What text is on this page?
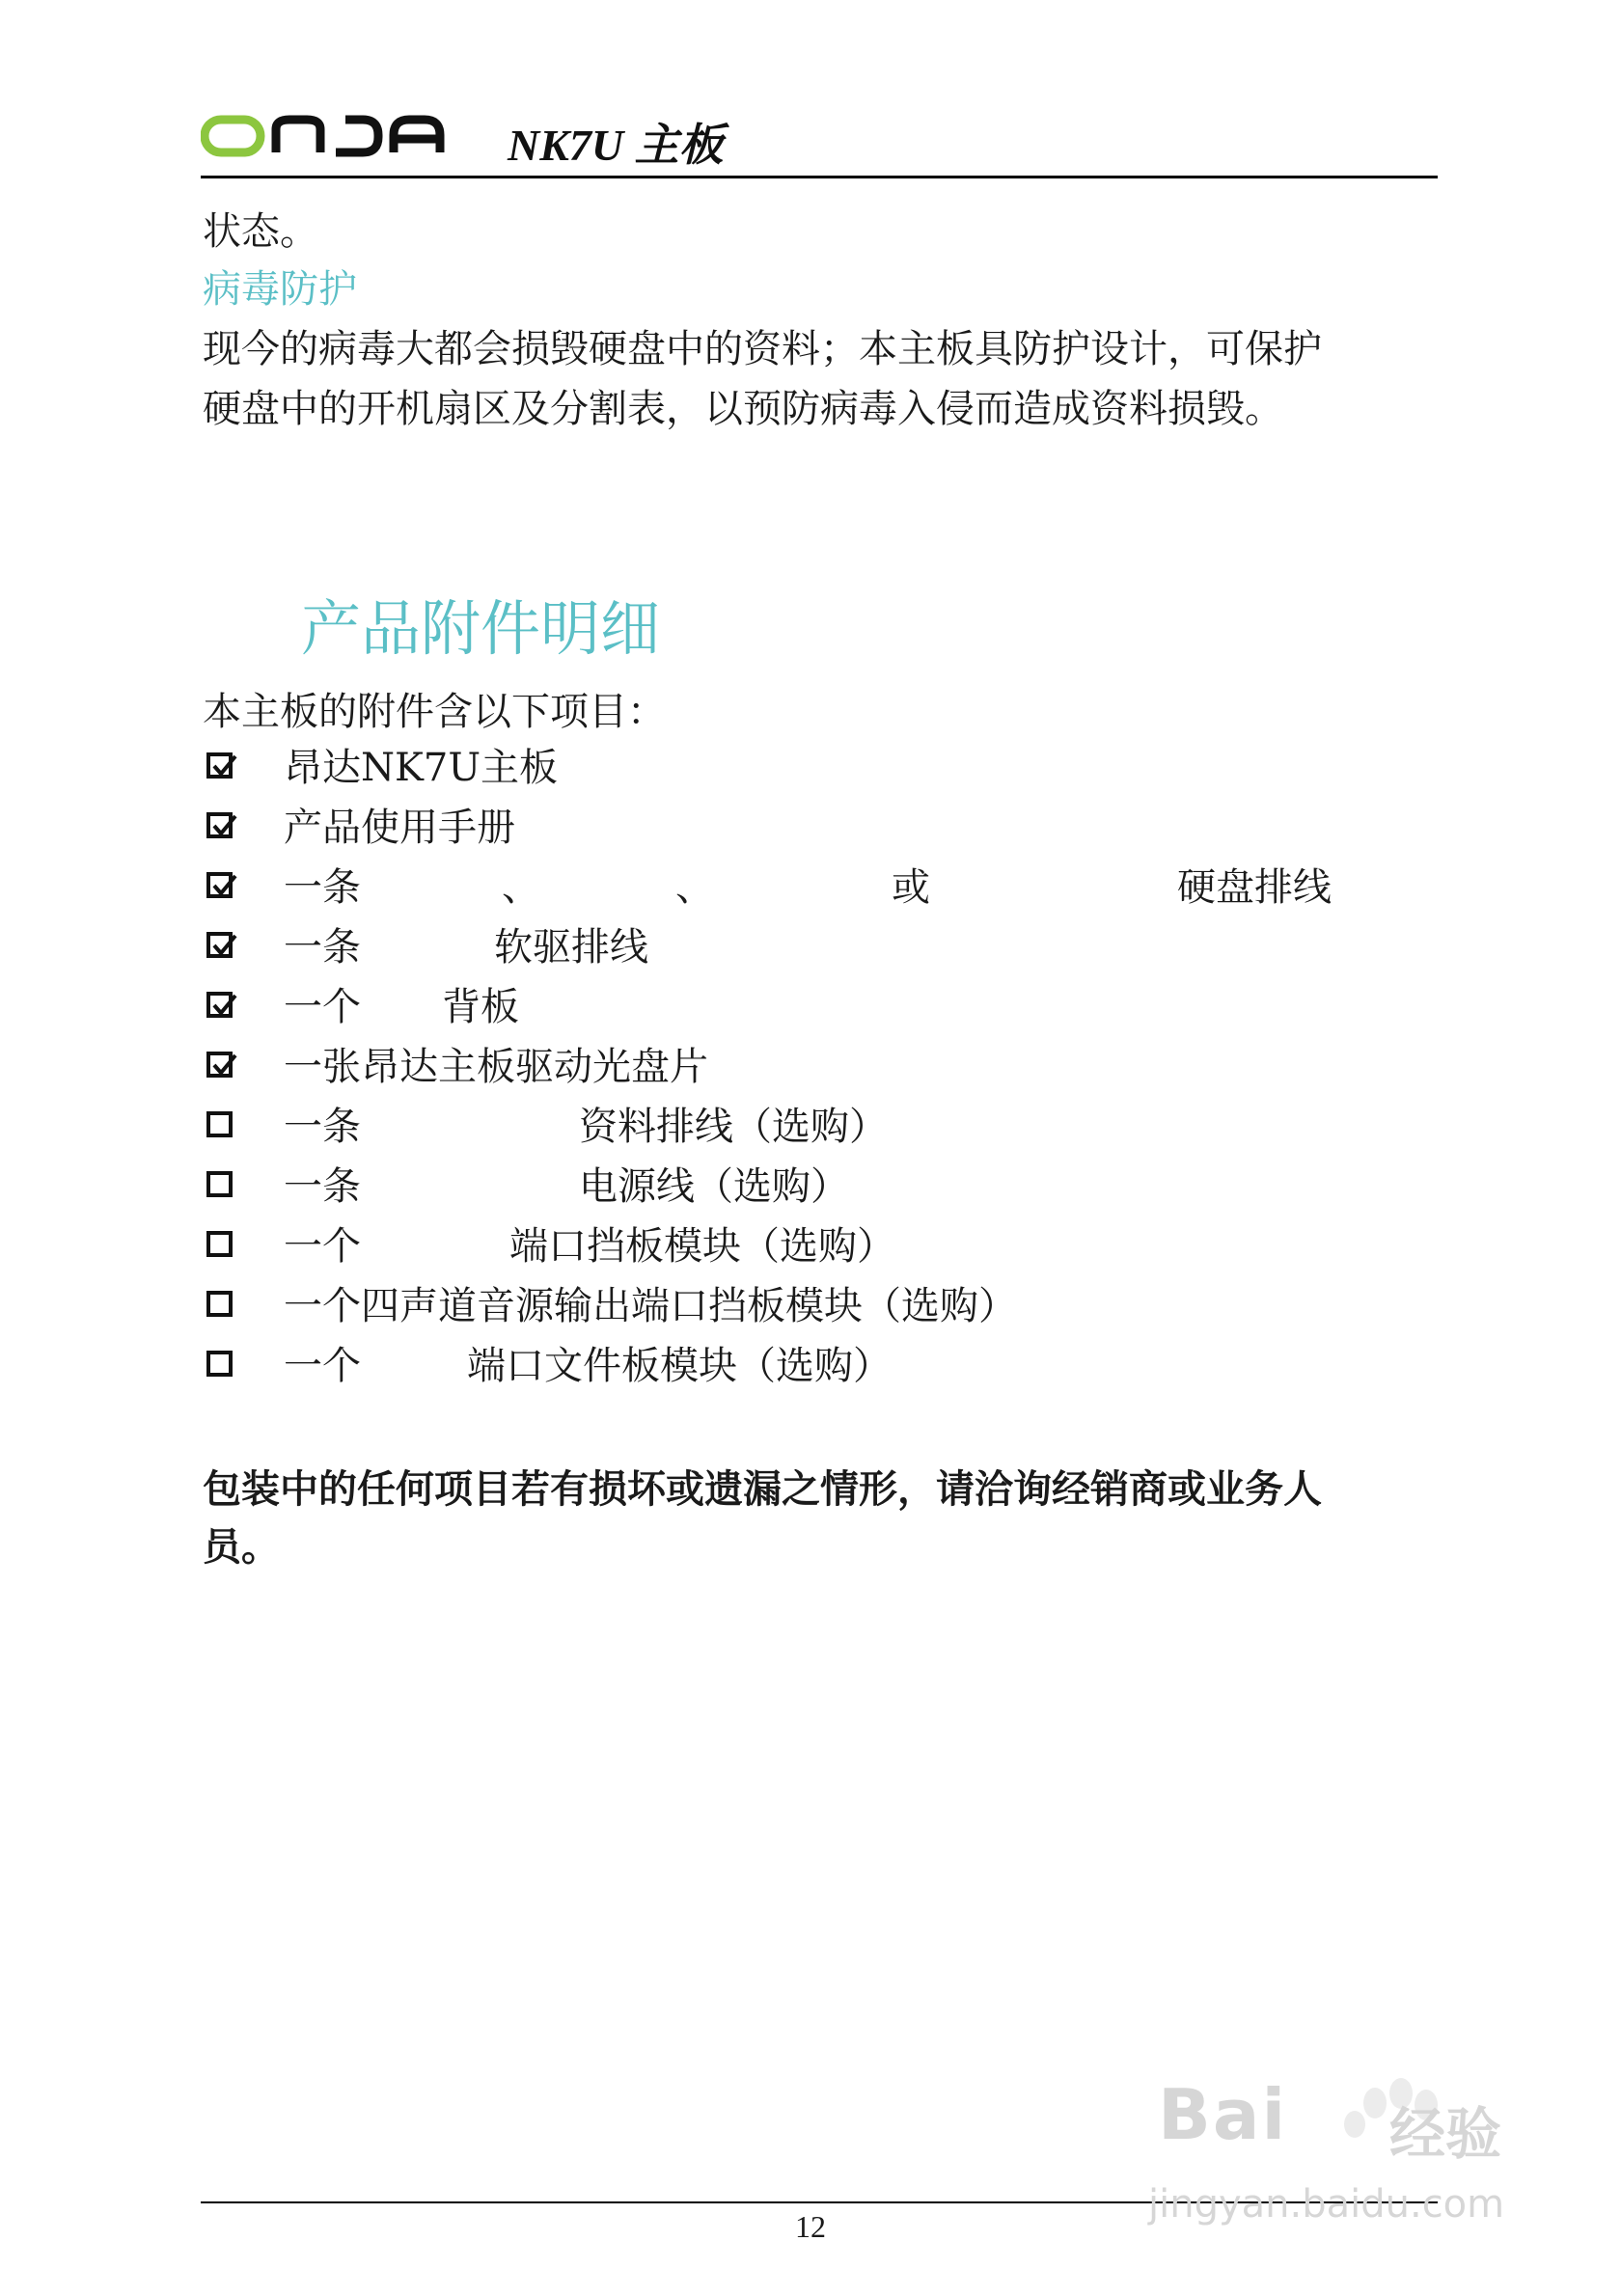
NK7U 主板
状态。
病毒防护
现今的病毒大都会损毁硬盘中的资料；本主板具防护设计，可保护
硬盘中的开机扇区及分割表，以预防病毒入侵而造成资料损毁。
产品附件明细
本主板的附件含以下项目：
昂达NK7U主板
产品使用手册
一条	、	、	或	硬盘排线
一条	软驱排线
一个 背板
一张昂达主板驱动光盘片
一条	资料排线（选购）
一条	电源线（选购）
一个	端口挡板模块（选购）
一个四声道音源输出端口挡板模块（选购）
一个	端口文件板模块（选购）
包装中的任何项目若有损坏或遗漏之情形，请洽询经销商或业务人
员。
12
Bai 经验
jingyan.baidu.com
